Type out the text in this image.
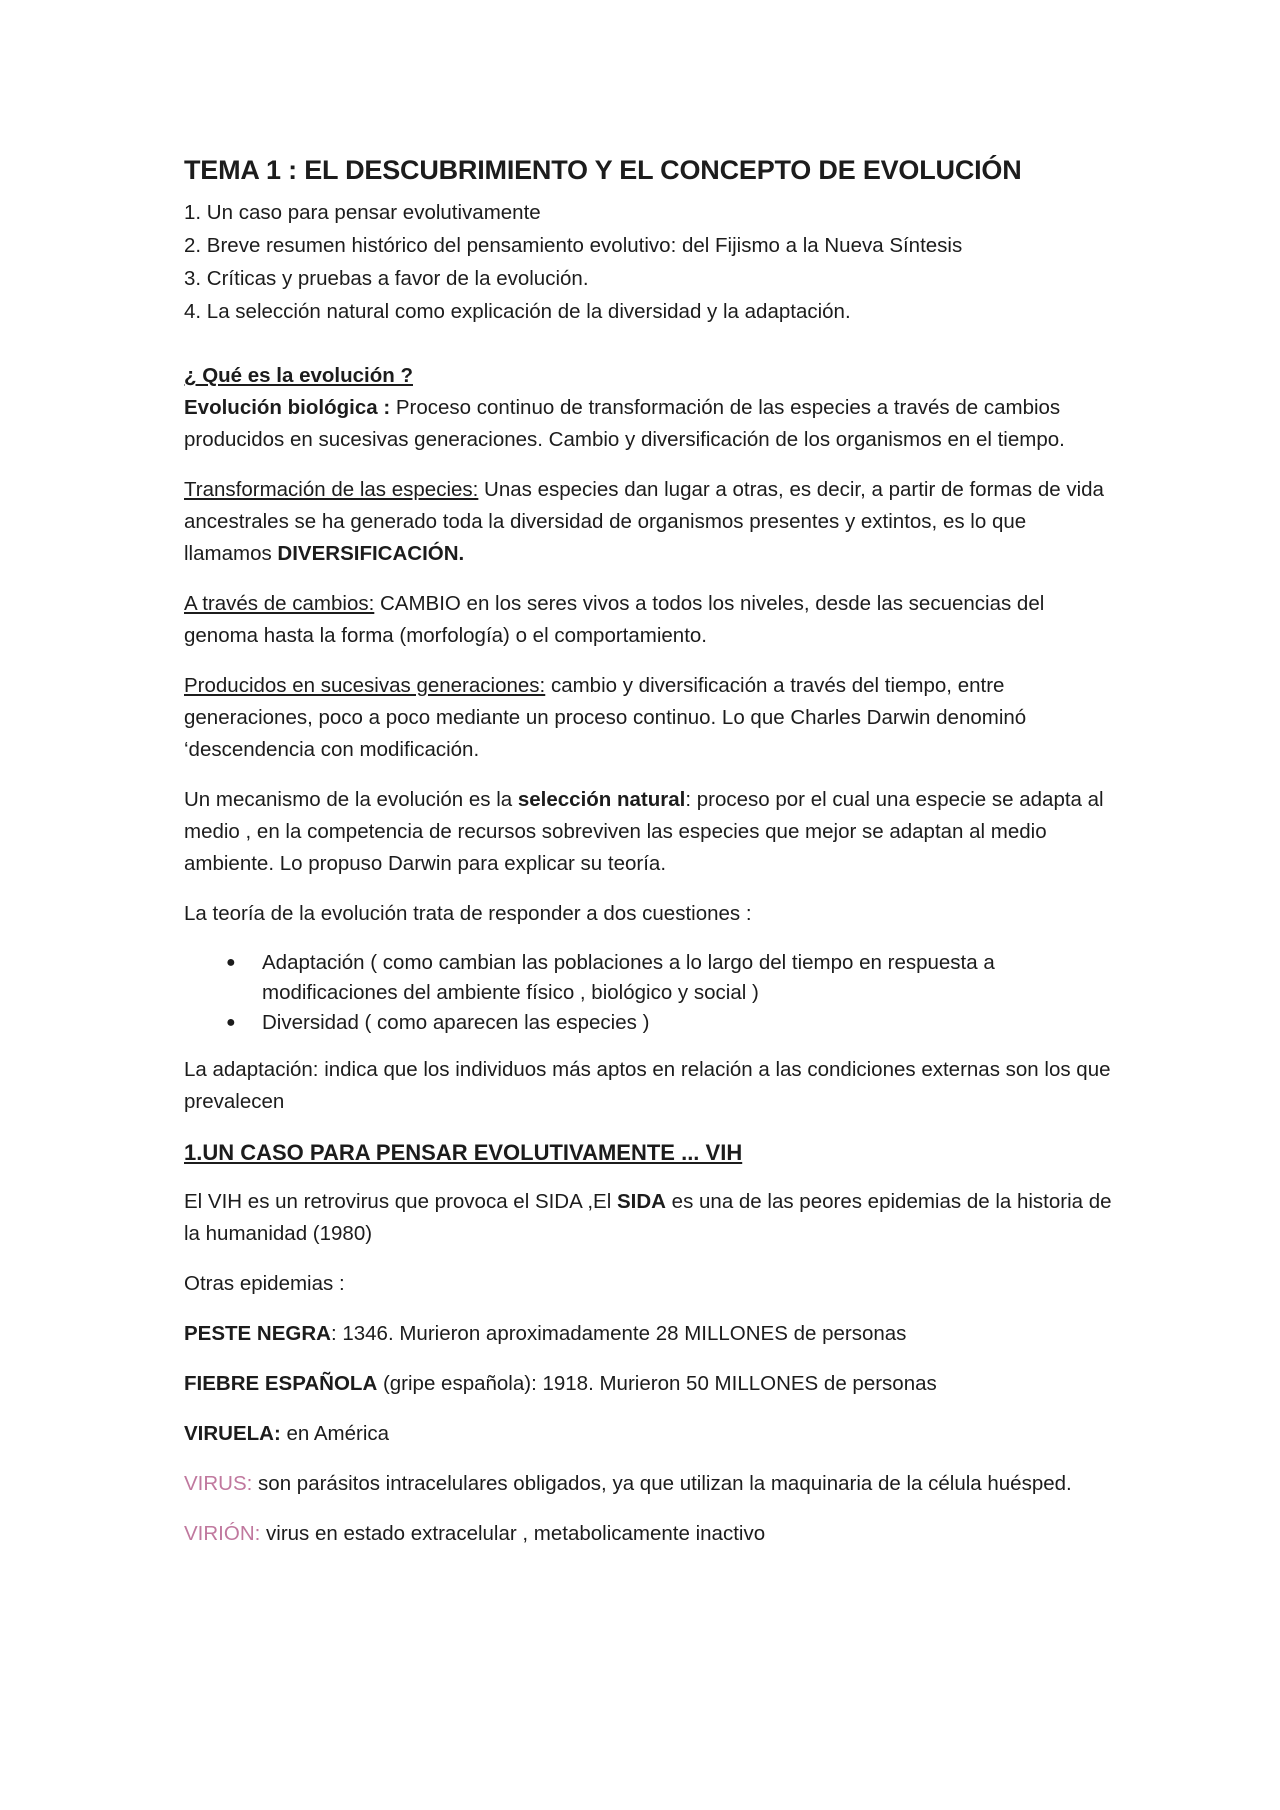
TEMA 1 : EL DESCUBRIMIENTO Y EL CONCEPTO DE EVOLUCIÓN
1. Un caso para pensar evolutivamente
2. Breve resumen histórico del pensamiento evolutivo: del Fijismo a la Nueva Síntesis
3. Críticas y pruebas a favor de la evolución.
4. La selección natural como explicación de la diversidad y la adaptación.
¿ Qué es la evolución ?

Evolución biológica : Proceso continuo de transformación de las especies a través de cambios producidos en sucesivas generaciones. Cambio y diversificación de los organismos en el tiempo.

Transformación de las especies: Unas especies dan lugar a otras, es decir, a partir de formas de vida ancestrales se ha generado toda la diversidad de organismos presentes y extintos, es lo que llamamos DIVERSIFICACIÓN.

A través de cambios: CAMBIO en los seres vivos a todos los niveles, desde las secuencias del genoma hasta la forma (morfología) o el comportamiento.

Producidos en sucesivas generaciones: cambio y diversificación a través del tiempo, entre generaciones, poco a poco mediante un proceso continuo. Lo que Charles Darwin denominó ‘descendencia con modificación.

Un mecanismo de la evolución es la selección natural: proceso por el cual una especie se adapta al medio , en la competencia de recursos sobreviven las especies que mejor se adaptan al medio ambiente. Lo propuso Darwin para explicar su teoría.

La teoría de la evolución trata de responder a dos cuestiones :

● Adaptación ( como cambian las poblaciones a lo largo del tiempo en respuesta a modificaciones del ambiente físico , biológico y social )
● Diversidad ( como aparecen las especies )

La adaptación: indica que los individuos más aptos en relación a las condiciones externas son los que prevalecen

1.UN CASO PARA PENSAR EVOLUTIVAMENTE ... VIH

El VIH es un retrovirus que provoca el SIDA ,El SIDA es una de las peores epidemias de la historia de la humanidad (1980)

Otras epidemias :

PESTE NEGRA: 1346. Murieron aproximadamente 28 MILLONES de personas

FIEBRE ESPAÑOLA (gripe española): 1918. Murieron 50 MILLONES de personas

VIRUELA: en América

VIRUS: son parásitos intracelulares obligados, ya que utilizan la maquinaria de la célula huésped.

VIRIÓN: virus en estado extracelular , metabolicamente inactivo
